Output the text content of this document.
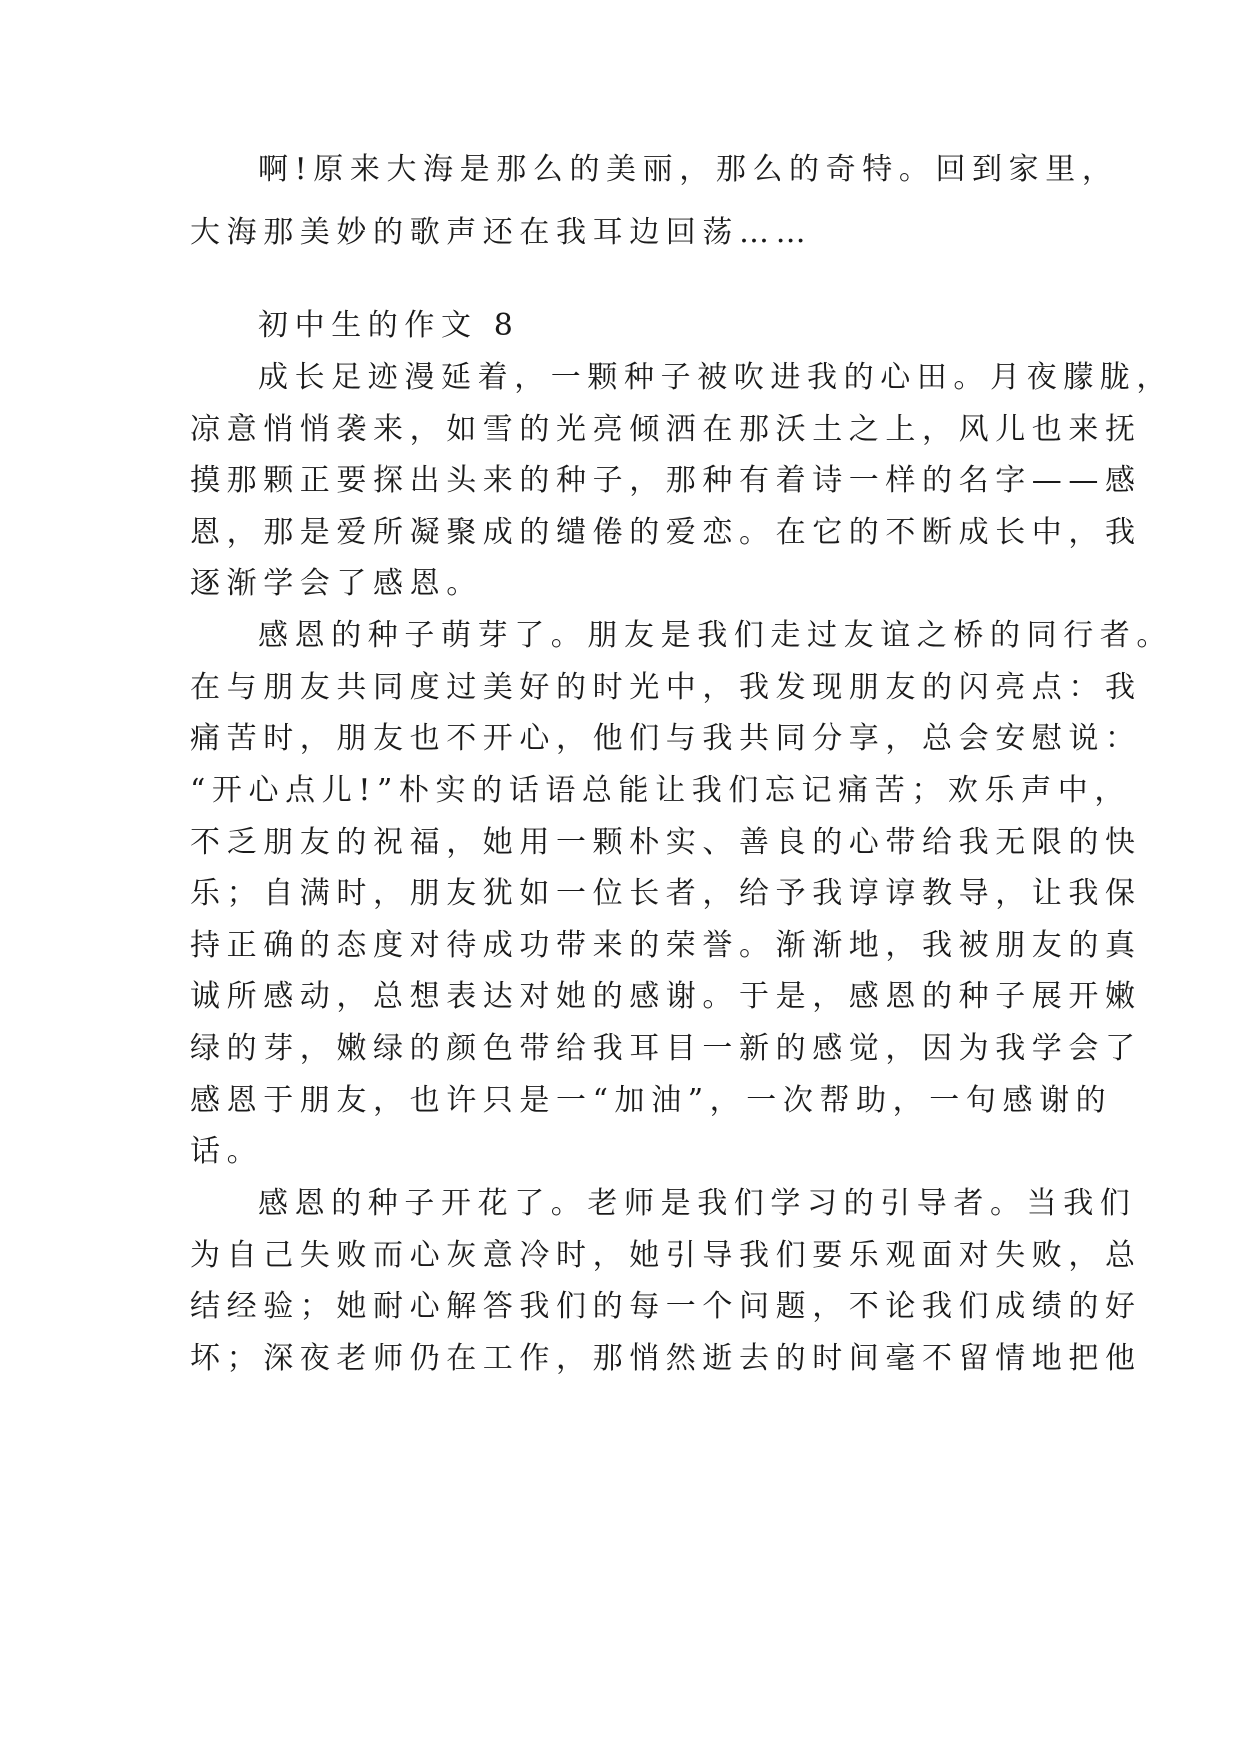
啊!原来大海是那么的美丽，那么的奇特。回到家里，
大海那美妙的歌声还在我耳边回荡……
初中生的作文 8
成长足迹漫延着，一颗种子被吹进我的心田。月夜朦胧，
凉意悄悄袭来，如雪的光亮倾洒在那沃土之上，风儿也来抚
摸那颗正要探出头来的种子，那种有着诗一样的名字——感
恩，那是爱所凝聚成的缱倦的爱恋。在它的不断成长中，我
逐渐学会了感恩。
感恩的种子萌芽了。朋友是我们走过友谊之桥的同行者。
在与朋友共同度过美好的时光中，我发现朋友的闪亮点：我
痛苦时，朋友也不开心，他们与我共同分享，总会安慰说：
“开心点儿!”朴实的话语总能让我们忘记痛苦；欢乐声中，
不乏朋友的祝福，她用一颗朴实、善良的心带给我无限的快
乐；自满时，朋友犹如一位长者，给予我谆谆教导，让我保
持正确的态度对待成功带来的荣誉。渐渐地，我被朋友的真
诚所感动，总想表达对她的感谢。于是，感恩的种子展开嫩
绿的芽，嫩绿的颜色带给我耳目一新的感觉，因为我学会了
感恩于朋友，也许只是一“加油”，一次帮助，一句感谢的
话。
感恩的种子开花了。老师是我们学习的引导者。当我们
为自己失败而心灰意冷时，她引导我们要乐观面对失败，总
结经验；她耐心解答我们的每一个问题，不论我们成绩的好
坏；深夜老师仍在工作，那悄然逝去的时间毫不留情地把他
